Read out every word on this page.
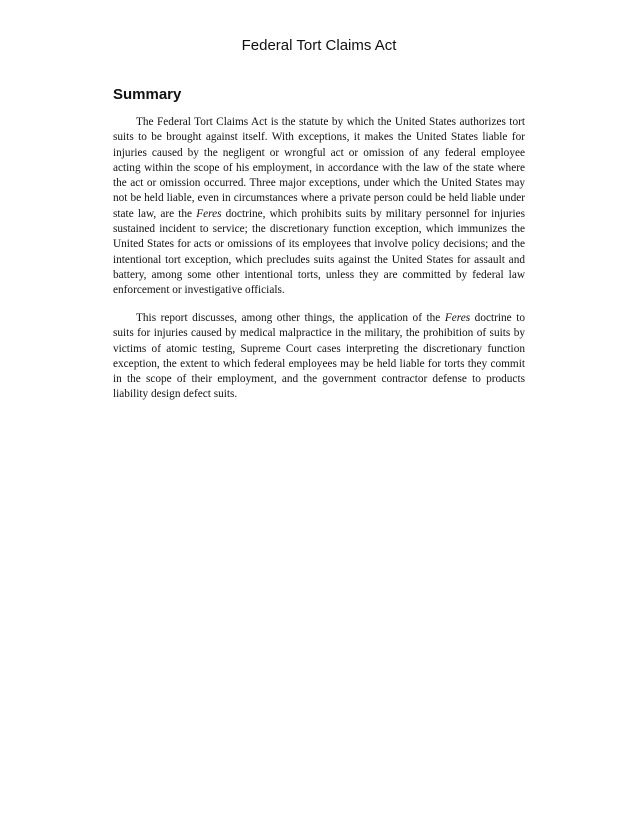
Federal Tort Claims Act
Summary

The Federal Tort Claims Act is the statute by which the United States authorizes tort suits to be brought against itself. With exceptions, it makes the United States liable for injuries caused by the negligent or wrongful act or omission of any federal employee acting within the scope of his employment, in accordance with the law of the state where the act or omission occurred. Three major exceptions, under which the United States may not be held liable, even in circumstances where a private person could be held liable under state law, are the Feres doctrine, which prohibits suits by military personnel for injuries sustained incident to service; the discretionary function exception, which immunizes the United States for acts or omissions of its employees that involve policy decisions; and the intentional tort exception, which precludes suits against the United States for assault and battery, among some other intentional torts, unless they are committed by federal law enforcement or investigative officials.

This report discusses, among other things, the application of the Feres doctrine to suits for injuries caused by medical malpractice in the military, the prohibition of suits by victims of atomic testing, Supreme Court cases interpreting the discretionary function exception, the extent to which federal employees may be held liable for torts they commit in the scope of their employment, and the government contractor defense to products liability design defect suits.
